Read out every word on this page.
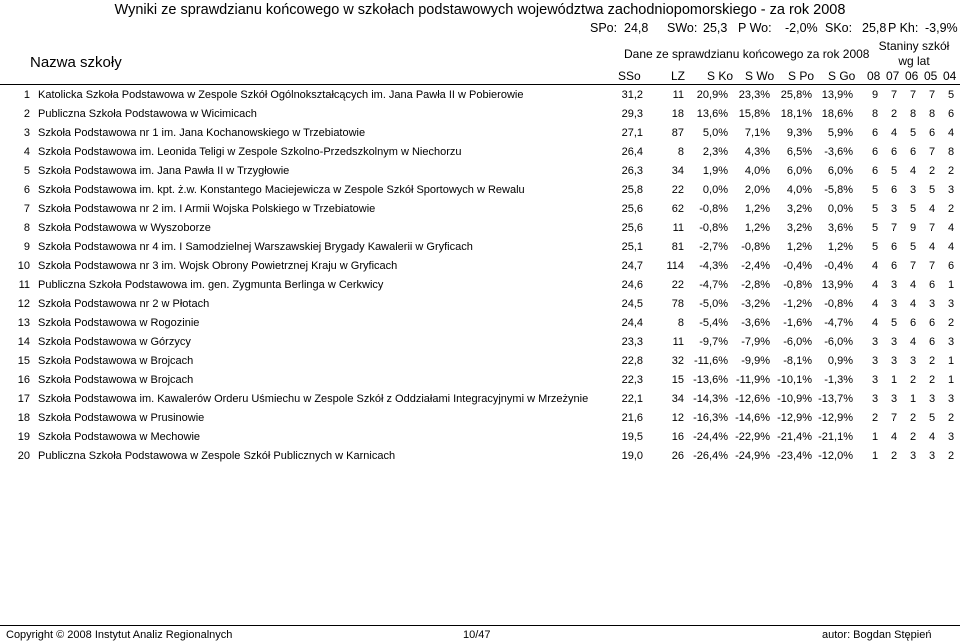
Wyniki ze sprawdzianu końcowego w szkołach podstawowych województwa zachodniopomorskiego - za rok 2008
SPo: 24,8 SWo: 25,3 P Wo: -2,0% SKo: 25,8 P Kh: -3,9%
Nazwa szkoły	Dane ze sprawdzianu końcowego za rok 2008
Staniny szkół
wg lat
SSo	LZ S Ko S Wo S Po S Go 08 07 06 05 04
1 Katolicka Szkoła Podstawowa w Zespole Szkół Ogólnokształcących im. Jana Pawła II w Pobierowie	31,2	11 20,9% 23,3% 25,8% 13,9%	9	7	7	7	5
2 Publiczna Szkoła Podstawowa w Wicimicach	29,3	18 13,6% 15,8% 18,1% 18,6%	8	2	8	8	6
3 Szkoła Podstawowa nr 1 im. Jana Kochanowskiego w Trzebiatowie	27,1	87 5,0% 7,1% 9,3% 5,9%	6	4	5	6	4
4 Szkoła Podstawowa im. Leonida Teligi w Zespole Szkolno-Przedszkolnym w Niechorzu	26,4	8 2,3% 4,3% 6,5% -3,6%	6	6	6	7	8
5 Szkoła Podstawowa im. Jana Pawła II w Trzygłowie	26,3	34 1,9% 4,0% 6,0% 6,0%	6	5	4	2	2
6 Szkoła Podstawowa im. kpt. ż.w. Konstantego Maciejewicza w Zespole Szkół Sportowych w Rewalu	25,8	22 0,0% 2,0% 4,0% -5,8%	5	6	3	5	3
7 Szkoła Podstawowa nr 2 im. I Armii Wojska Polskiego w Trzebiatowie	25,6	62 -0,8% 1,2% 3,2% 0,0%	5	3	5	4	2
8 Szkoła Podstawowa w Wyszoborze	25,6	11 -0,8% 1,2% 3,2% 3,6%	5	7	9	7	4
9 Szkoła Podstawowa nr 4 im. I Samodzielnej Warszawskiej Brygady Kawalerii w Gryficach	25,1	81 -2,7% -0,8% 1,2% 1,2%	5	6	5	4	4
10 Szkoła Podstawowa nr 3 im. Wojsk Obrony Powietrznej Kraju w Gryficach	24,7 114 -4,3% -2,4% -0,4% -0,4%	4	6	7	7	6
11 Publiczna Szkoła Podstawowa im. gen. Zygmunta Berlinga w Cerkwicy	24,6	22 -4,7% -2,8% -0,8% 13,9%	4	3	4	6	1
12 Szkoła Podstawowa nr 2 w Płotach	24,5	78 -5,0% -3,2% -1,2% -0,8%	4	3	4	3	3
13 Szkoła Podstawowa w Rogozinie	24,4	8 -5,4% -3,6% -1,6% -4,7%	4	5	6	6	2
14 Szkoła Podstawowa w Górzycy	23,3	11 -9,7% -7,9% -6,0% -6,0%	3	3	4	6	3
15 Szkoła Podstawowa w Brojcach	22,8	32 -11,6% -9,9% -8,1% 0,9%	3	3	3	2	1
16 Szkoła Podstawowa w Brojcach	22,3	15 -13,6% -11,9% -10,1% -1,3%	3	1	2	2	1
17 Szkoła Podstawowa im. Kawalerów Orderu Uśmiechu w Zespole Szkół z Oddziałami Integracyjnymi w Mrzeżynie	22,1	34 -14,3% -12,6% -10,9% -13,7%	3	3	1	3	3
18 Szkoła Podstawowa w Prusinowie	21,6	12 -16,3% -14,6% -12,9% -12,9%	2	7	2	5	2
19 Szkoła Podstawowa w Mechowie	19,5	16 -24,4% -22,9% -21,4% -21,1%	1	4	2	4	3
20 Publiczna Szkoła Podstawowa w Zespole Szkół Publicznych w Karnicach	19,0	26 -26,4% -24,9% -23,4% -12,0%	1	2	3	3	2
Copyright © 2008 Instytut Analiz Regionalnych	10/47	autor: Bogdan Stępień
